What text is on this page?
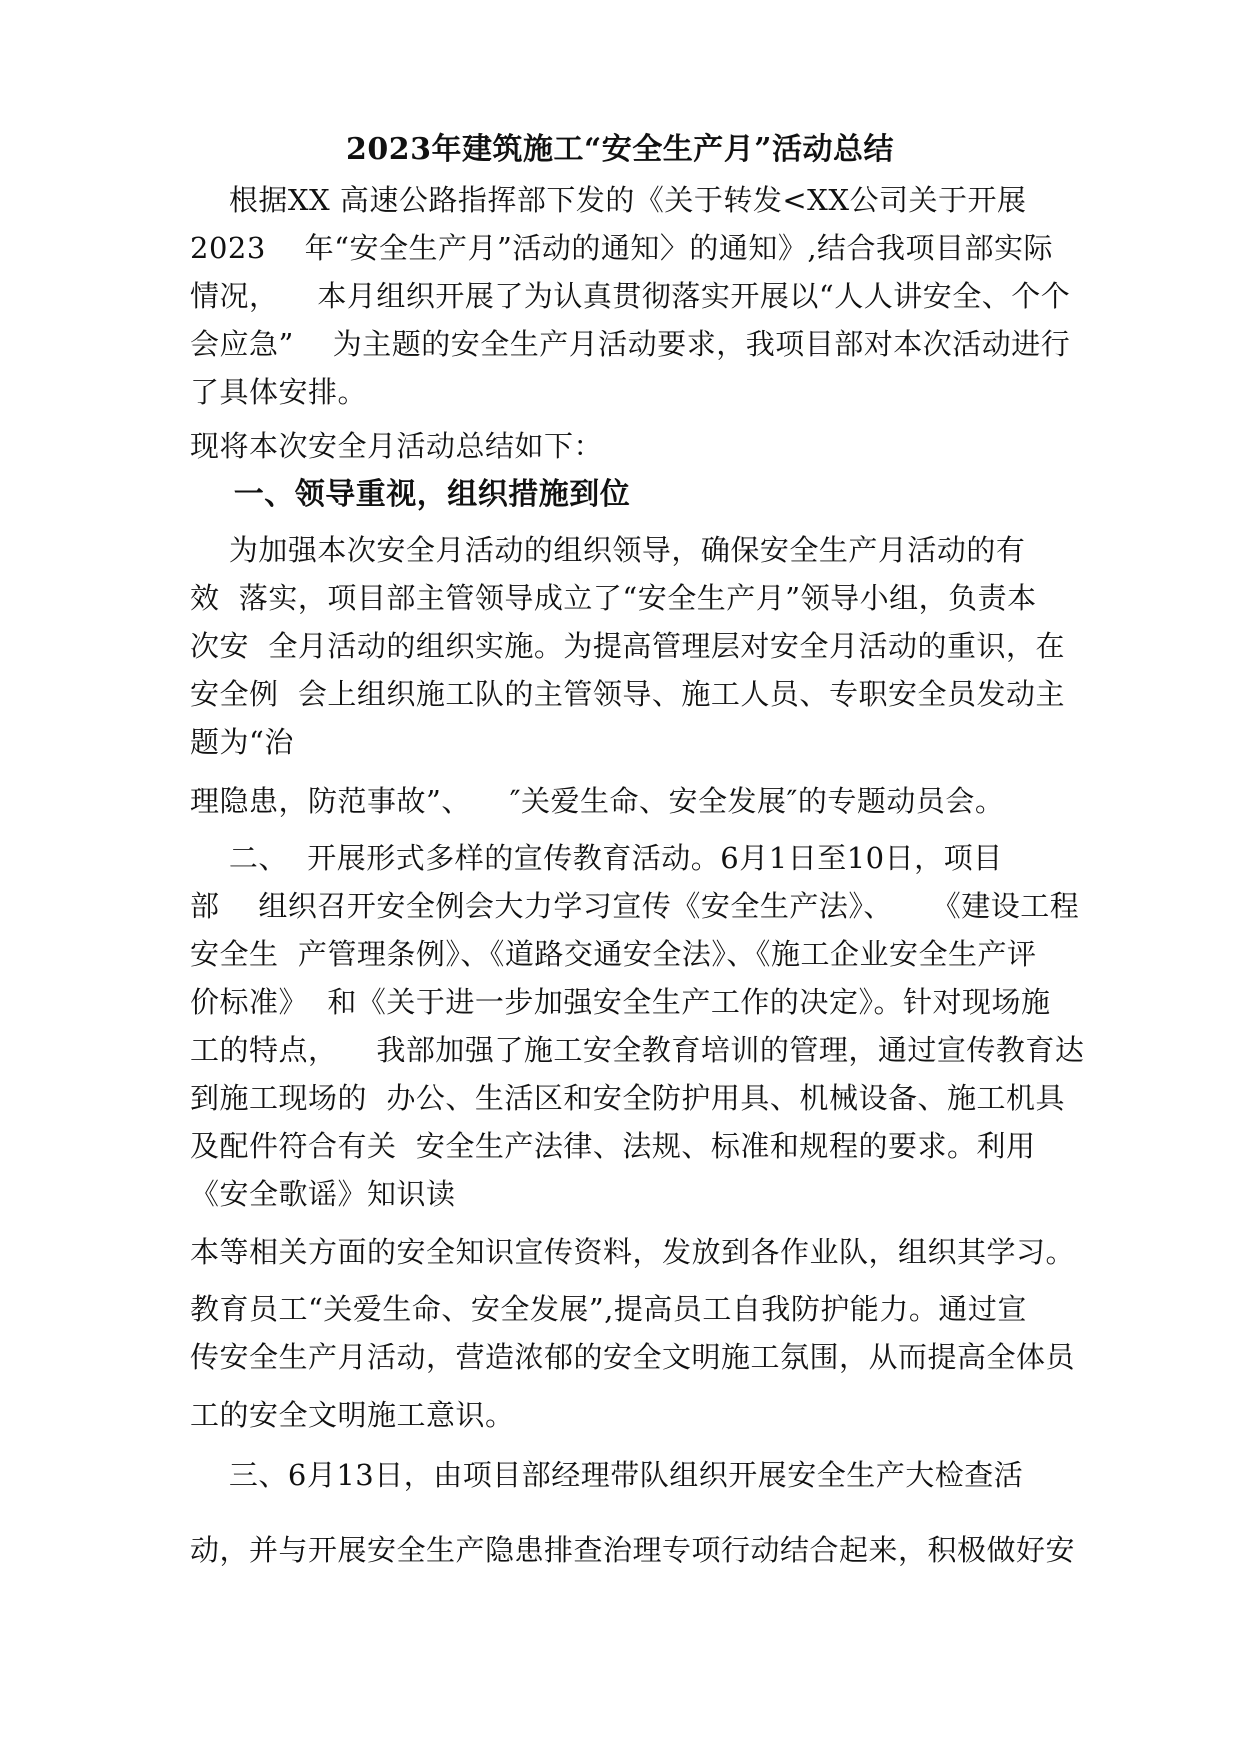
2023年建筑施工“安全生产月”活动总结
根据XX 高速公路指挥部下发的《关于转发<XX公司关于开展
2023    年“安全生产月”活动的通知〉的通知》,结合我项目部实际
情况，    本月组织开展了为认真贯彻落实开展以“人人讲安全、个个
会应急”    为主题的安全生产月活动要求，我项目部对本次活动进行
了具体安排。
现将本次安全月活动总结如下：
一、领导重视，组织措施到位
为加强本次安全月活动的组织领导，确保安全生产月活动的有
效  落实，项目部主管领导成立了“安全生产月”领导小组，负责本
次安  全月活动的组织实施。为提高管理层对安全月活动的重识，在
安全例  会上组织施工队的主管领导、施工人员、专职安全员发动主
题为“治
理隐患，防范事故”、    ″关爱生命、安全发展″的专题动员会。
二、  开展形式多样的宣传教育活动。6月1日至10日，项目
部    组织召开安全例会大力学习宣传《安全生产法》、    《建设工程
安全生  产管理条例》、《道路交通安全法》、《施工企业安全生产评
价标准》  和《关于进一步加强安全生产工作的决定》。针对现场施
工的特点，    我部加强了施工安全教育培训的管理，通过宣传教育达
到施工现场的  办公、生活区和安全防护用具、机械设备、施工机具
及配件符合有关  安全生产法律、法规、标准和规程的要求。利用
《安全歌谣》知识读
本等相关方面的安全知识宣传资料，发放到各作业队，组织其学习。
教育员工“关爱生命、安全发展”,提高员工自我防护能力。通过宣
传安全生产月活动，营造浓郁的安全文明施工氛围，从而提高全体员
工的安全文明施工意识。
三、6月13日，由项目部经理带队组织开展安全生产大检查活
动，并与开展安全生产隐患排查治理专项行动结合起来，积极做好安
